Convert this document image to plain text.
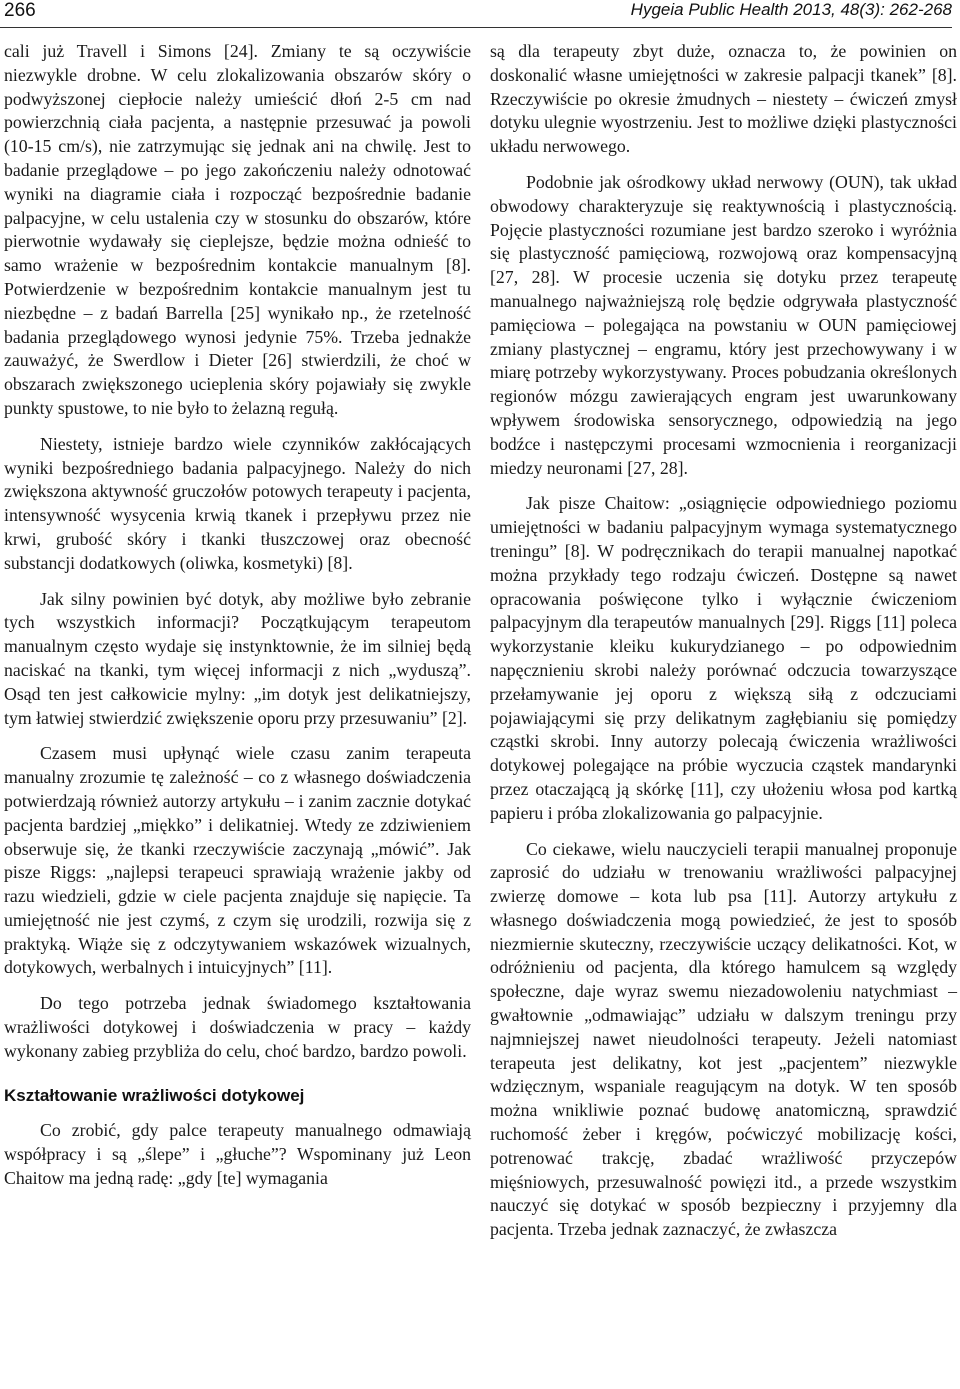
266	Hygeia Public Health 2013, 48(3): 262-268

cali już Travell i Simons [24]. Zmiany te są oczywiście niezwykle drobne. W celu zlokalizowania obszarów skóry o podwyższonej ciepłocie należy umieścić dłoń 2-5 cm nad powierzchnią ciała pacjenta, a następnie przesuwać ja powoli (10-15 cm/s), nie zatrzymując się jednak ani na chwilę. Jest to badanie przeglądowe – po jego zakończeniu należy odnotować wyniki na diagramie ciała i rozpocząć bezpośrednie badanie palpacyjne, w celu ustalenia czy w stosunku do obszarów, które pierwotnie wydawały się cieplejsze, będzie można odnieść to samo wrażenie w bezpośrednim kontakcie manualnym [8]. Potwierdzenie w bezpośrednim kontakcie manualnym jest tu niezbędne – z badań Barrella [25] wynikało np., że rzetelność badania przeglądowego wynosi jedynie 75%. Trzeba jednakże zauważyć, że Swerdlow i Dieter [26] stwierdzili, że choć w obszarach zwiększonego ucieplenia skóry pojawiały się zwykle punkty spustowe, to nie było to żelazną regułą.

Niestety, istnieje bardzo wiele czynników zakłócających wyniki bezpośredniego badania palpacyjnego. Należy do nich zwiększona aktywność gruczołów potowych terapeuty i pacjenta, intensywność wysycenia krwią tkanek i przepływu przez nie krwi, grubość skóry i tkanki tłuszczowej oraz obecność substancji dodatkowych (oliwka, kosmetyki) [8].

Jak silny powinien być dotyk, aby możliwe było zebranie tych wszystkich informacji? Początkującym terapeutom manualnym często wydaje się instynktownie, że im silniej będą naciskać na tkanki, tym więcej informacji z nich „wyduszą”. Osąd ten jest całkowicie mylny: „im dotyk jest delikatniejszy, tym łatwiej stwierdzić zwiększenie oporu przy przesuwaniu” [2].

Czasem musi upłynąć wiele czasu zanim terapeuta manualny zrozumie tę zależność – co z własnego doświadczenia potwierdzają również autorzy artykułu – i zanim zacznie dotykać pacjenta bardziej „miękko” i delikatniej. Wtedy ze zdziwieniem obserwuje się, że tkanki rzeczywiście zaczynają „mówić”. Jak pisze Riggs: „najlepsi terapeuci sprawiają wrażenie jakby od razu wiedzieli, gdzie w ciele pacjenta znajduje się napięcie. Ta umiejętność nie jest czymś, z czym się urodzili, rozwija się z praktyką. Wiąże się z odczytywaniem wskazówek wizualnych, dotykowych, werbalnych i intuicyjnych” [11].

Do tego potrzeba jednak świadomego kształtowania wrażliwości dotykowej i doświadczenia w pracy – każdy wykonany zabieg przybliża do celu, choć bardzo, bardzo powoli.

Kształtowanie wrażliwości dotykowej

Co zrobić, gdy palce terapeuty manualnego odmawiają współpracy i są „ślepe” i „głuche”? Wspominany już Leon Chaitow ma jedną radę: „gdy [te] wymagania

są dla terapeuty zbyt duże, oznacza to, że powinien on doskonalić własne umiejętności w zakresie palpacji tkanek” [8]. Rzeczywiście po okresie żmudnych – niestety – ćwiczeń zmysł dotyku ulegnie wyostrzeniu. Jest to możliwe dzięki plastyczności układu nerwowego.

Podobnie jak ośrodkowy układ nerwowy (OUN), tak układ obwodowy charakteryzuje się reaktywnością i plastycznością. Pojęcie plastyczności rozumiane jest bardzo szeroko i wyróżnia się plastyczność pamięciową, rozwojową oraz kompensacyjną [27, 28]. W procesie uczenia się dotyku przez terapeutę manualnego najważniejszą rolę będzie odgrywała plastyczność pamięciowa – polegająca na powstaniu w OUN pamięciowej zmiany plastycznej – engramu, który jest przechowywany i w miarę potrzeby wykorzystywany. Proces pobudzania określonych regionów mózgu zawierających engram jest uwarunkowany wpływem środowiska sensorycznego, odpowiedzią na jego bodźce i następczymi procesami wzmocnienia i reorganizacji miedzy neuronami [27, 28].

Jak pisze Chaitow: „osiągnięcie odpowiedniego poziomu umiejętności w badaniu palpacyjnym wymaga systematycznego treningu” [8]. W podręcznikach do terapii manualnej napotkać można przykłady tego rodzaju ćwiczeń. Dostępne są nawet opracowania poświęcone tylko i wyłącznie ćwiczeniom palpacyjnym dla terapeutów manualnych [29]. Riggs [11] poleca wykorzystanie kleiku kukurydzianego – po odpowiednim napęcznieniu skrobi należy porównać odczucia towarzyszące przełamywanie jej oporu z większą siłą z odczuciami pojawiającymi się przy delikatnym zagłębianiu się pomiędzy cząstki skrobi. Inny autorzy polecają ćwiczenia wrażliwości dotykowej polegające na próbie wyczucia cząstek mandarynki przez otaczającą ją skórkę [11], czy ułożeniu włosa pod kartką papieru i próba zlokalizowania go palpacyjnie.

Co ciekawe, wielu nauczycieli terapii manualnej proponuje zaprosić do udziału w trenowaniu wrażliwości palpacyjnej zwierzę domowe – kota lub psa [11]. Autorzy artykułu z własnego doświadczenia mogą powiedzieć, że jest to sposób niezmiernie skuteczny, rzeczywiście uczący delikatności. Kot, w odróżnieniu od pacjenta, dla którego hamulcem są względy społeczne, daje wyraz swemu niezadowoleniu natychmiast – gwałtownie „odmawiając” udziału w dalszym treningu przy najmniejszej nawet nieudolności terapeuty. Jeżeli natomiast terapeuta jest delikatny, kot jest „pacjentem” niezwykle wdzięcznym, wspaniale reagującym na dotyk. W ten sposób można wnikliwie poznać budowę anatomiczną, sprawdzić ruchomość żeber i kręgów, poćwiczyć mobilizację kości, potrenować trakcję, zbadać wrażliwość przyczepów mięśniowych, przesuwalność powięzi itd., a przede wszystkim nauczyć się dotykać w sposób bezpieczny i przyjemny dla pacjenta. Trzeba jednak zaznaczyć, że zwłaszcza
